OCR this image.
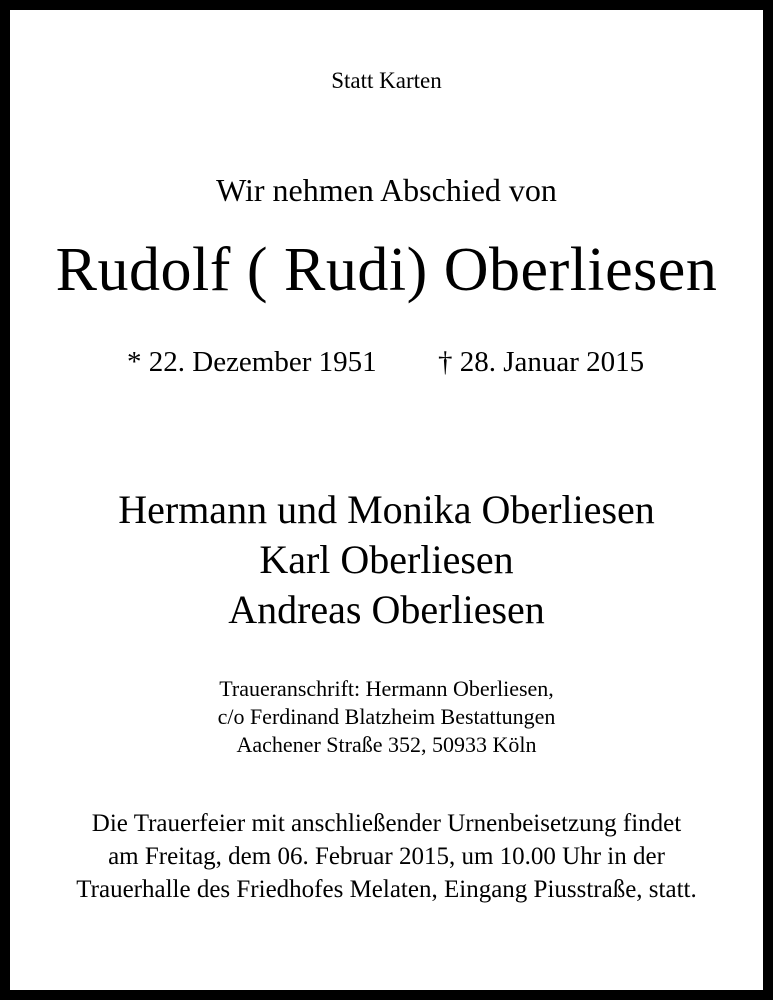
Statt Karten
Wir nehmen Abschied von
Rudolf ( Rudi) Oberliesen
* 22. Dezember 1951 † 28. Januar 2015
Hermann und Monika Oberliesen
Karl Oberliesen
Andreas Oberliesen
Traueranschrift: Hermann Oberliesen,
c/o Ferdinand Blatzheim Bestattungen
Aachener Straße 352, 50933 Köln
Die Trauerfeier mit anschließender Urnenbeisetzung findet
am Freitag, dem 06. Februar 2015, um 10.00 Uhr in der
Trauerhalle des Friedhofes Melaten, Eingang Piusstraße, statt.
